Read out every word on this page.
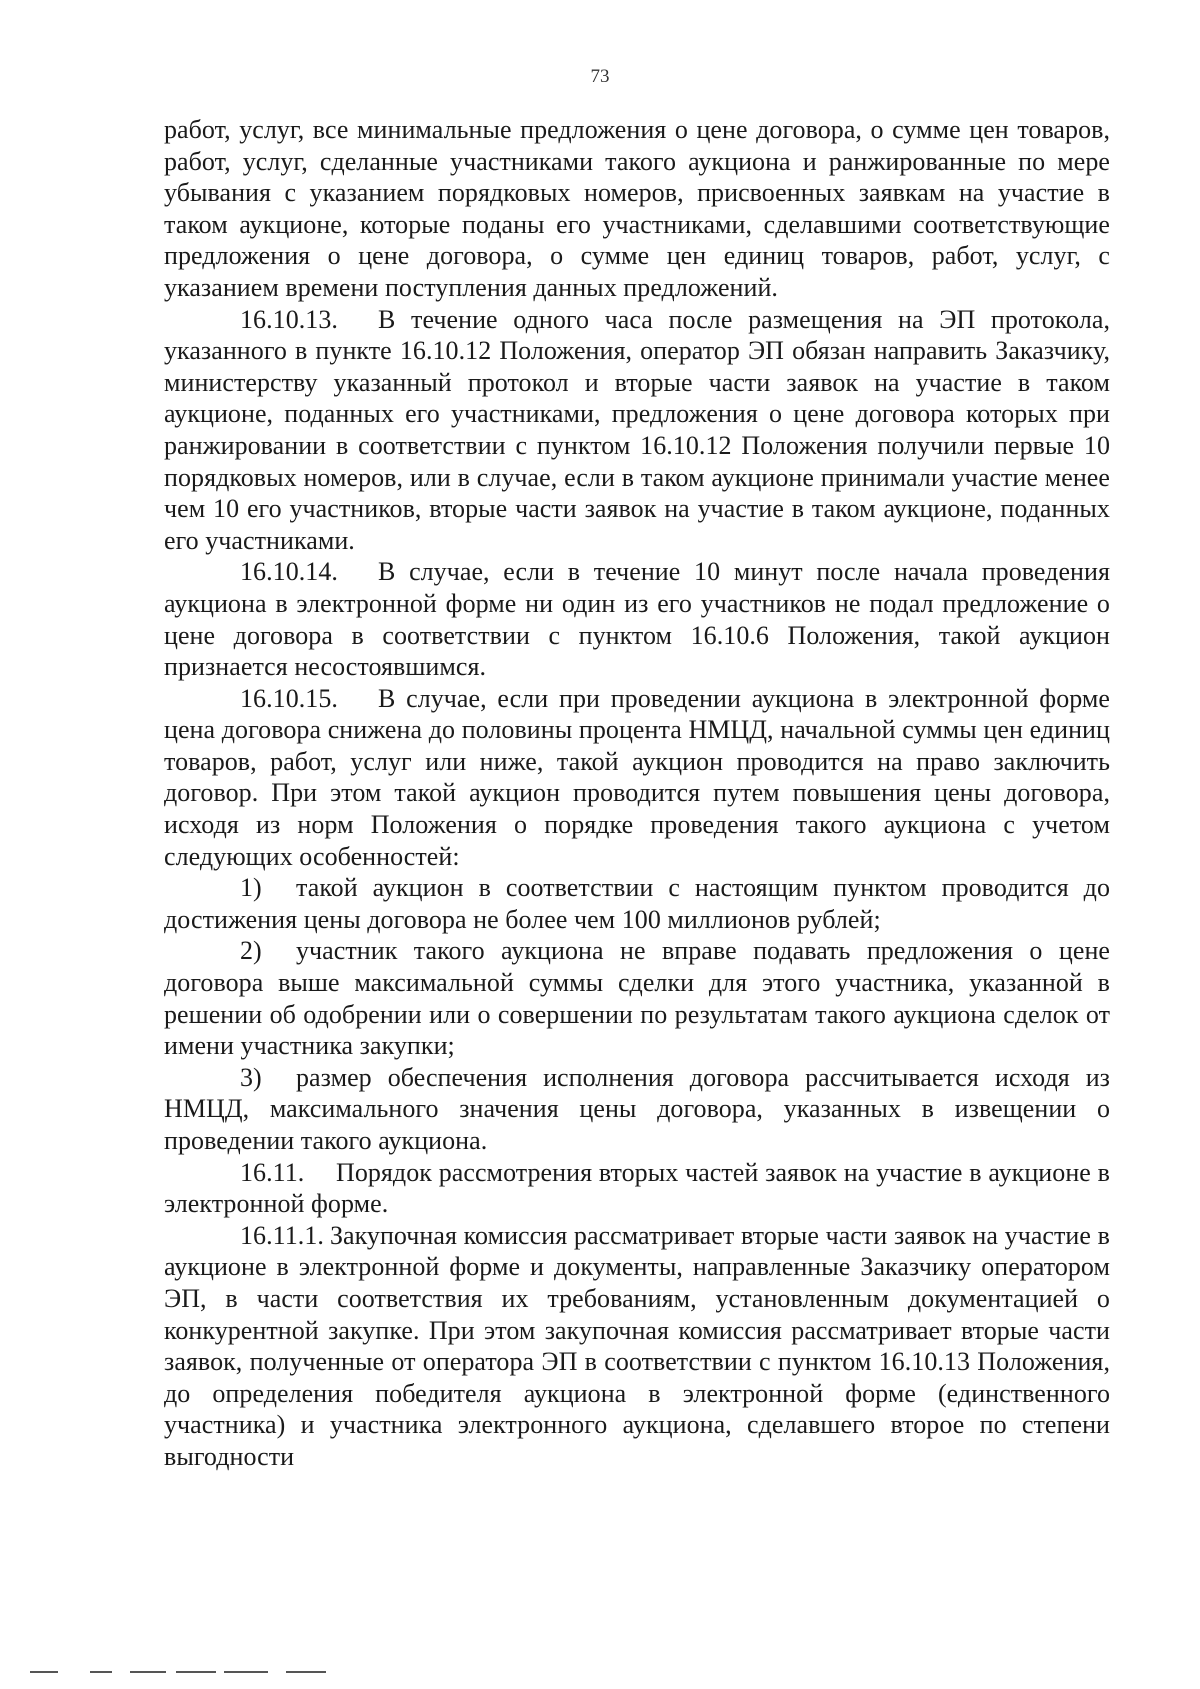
73

работ, услуг, все минимальные предложения о цене договора, о сумме цен товаров, работ, услуг, сделанные участниками такого аукциона и ранжированные по мере убывания с указанием порядковых номеров, присвоенных заявкам на участие в таком аукционе, которые поданы его участниками, сделавшими соответствующие предложения о цене договора, о сумме цен единиц товаров, работ, услуг, с указанием времени поступления данных предложений.

16.10.13. В течение одного часа после размещения на ЭП протокола, указанного в пункте 16.10.12 Положения, оператор ЭП обязан направить Заказчику, министерству указанный протокол и вторые части заявок на участие в таком аукционе, поданных его участниками, предложения о цене договора которых при ранжировании в соответствии с пунктом 16.10.12 Положения получили первые 10 порядковых номеров, или в случае, если в таком аукционе принимали участие менее чем 10 его участников, вторые части заявок на участие в таком аукционе, поданных его участниками.

16.10.14. В случае, если в течение 10 минут после начала проведения аукциона в электронной форме ни один из его участников не подал предложение о цене договора в соответствии с пунктом 16.10.6 Положения, такой аукцион признается несостоявшимся.

16.10.15. В случае, если при проведении аукциона в электронной форме цена договора снижена до половины процента НМЦД, начальной суммы цен единиц товаров, работ, услуг или ниже, такой аукцион проводится на право заключить договор. При этом такой аукцион проводится путем повышения цены договора, исходя из норм Положения о порядке проведения такого аукциона с учетом следующих особенностей:

1) такой аукцион в соответствии с настоящим пунктом проводится до достижения цены договора не более чем 100 миллионов рублей;

2) участник такого аукциона не вправе подавать предложения о цене договора выше максимальной суммы сделки для этого участника, указанной в решении об одобрении или о совершении по результатам такого аукциона сделок от имени участника закупки;

3) размер обеспечения исполнения договора рассчитывается исходя из НМЦД, максимального значения цены договора, указанных в извещении о проведении такого аукциона.

16.11. Порядок рассмотрения вторых частей заявок на участие в аукционе в электронной форме.

16.11.1. Закупочная комиссия рассматривает вторые части заявок на участие в аукционе в электронной форме и документы, направленные Заказчику оператором ЭП, в части соответствия их требованиям, установленным документацией о конкурентной закупке. При этом закупочная комиссия рассматривает вторые части заявок, полученные от оператора ЭП в соответствии с пунктом 16.10.13 Положения, до определения победителя аукциона в электронной форме (единственного участника) и участника электронного аукциона, сделавшего второе по степени выгодности
